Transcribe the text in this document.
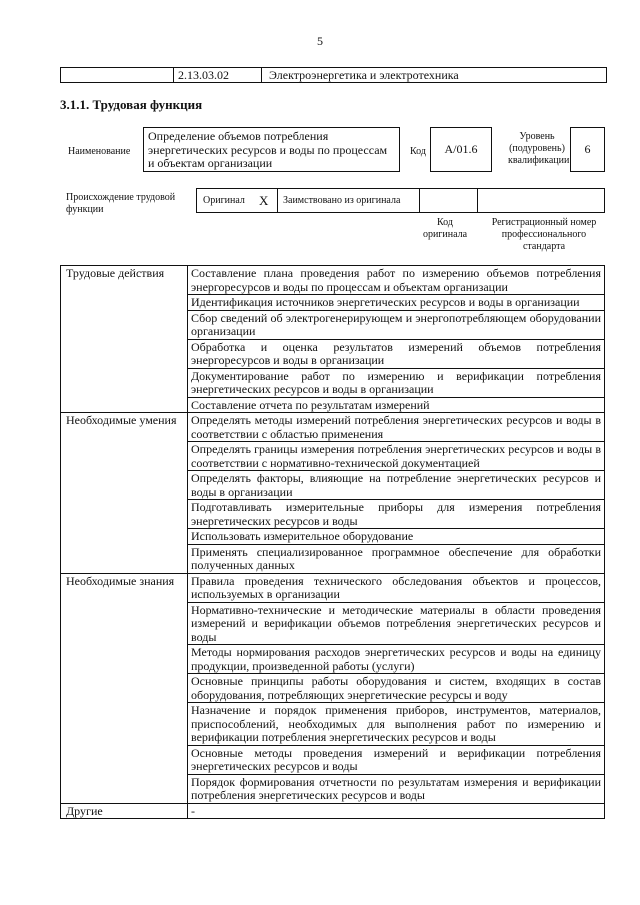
5
2.13.03.02	Электроэнергетика и электротехника
3.1.1. Трудовая функция
Наименование
Определение объемов потребления энергетических ресурсов и воды по процессам и объектам организации
Код	A/01.6
Уровень (подуровень) квалификации
6
Происхождение трудовой функции
Оригинал X Заимствовано из оригинала
Код оригинала
Регистрационный номер профессионального стандарта
Трудовые действия	Составление плана проведения работ по измерению объемов потребления энергоресурсов и воды по процессам и объектам организации
	Идентификация источников энергетических ресурсов и воды в организации
	Сбор сведений об электрогенерирующем и энергопотребляющем оборудовании организации
	Обработка и оценка результатов измерений объемов потребления энергоресурсов и воды в организации
	Документирование работ по измерению и верификации потребления энергетических ресурсов и воды в организации
	Составление отчета по результатам измерений
Необходимые умения	Определять методы измерений потребления энергетических ресурсов и воды в соответствии с областью применения
	Определять границы измерения потребления энергетических ресурсов и воды в соответствии с нормативно-технической документацией
	Определять факторы, влияющие на потребление энергетических ресурсов и воды в организации
	Подготавливать измерительные приборы для измерения потребления энергетических ресурсов и воды
	Использовать измерительное оборудование
	Применять специализированное программное обеспечение для обработки полученных данных
Необходимые знания	Правила проведения технического обследования объектов и процессов, используемых в организации
	Нормативно-технические и методические материалы в области проведения измерений и верификации объемов потребления энергетических ресурсов и воды
	Методы нормирования расходов энергетических ресурсов и воды на единицу продукции, произведенной работы (услуги)
	Основные принципы работы оборудования и систем, входящих в состав оборудования, потребляющих энергетические ресурсы и воду
	Назначение и порядок применения приборов, инструментов, материалов, приспособлений, необходимых для выполнения работ по измерению и верификации потребления энергетических ресурсов и воды
	Основные методы проведения измерений и верификации потребления энергетических ресурсов и воды
	Порядок формирования отчетности по результатам измерения и верификации потребления энергетических ресурсов и воды
Другие	-
